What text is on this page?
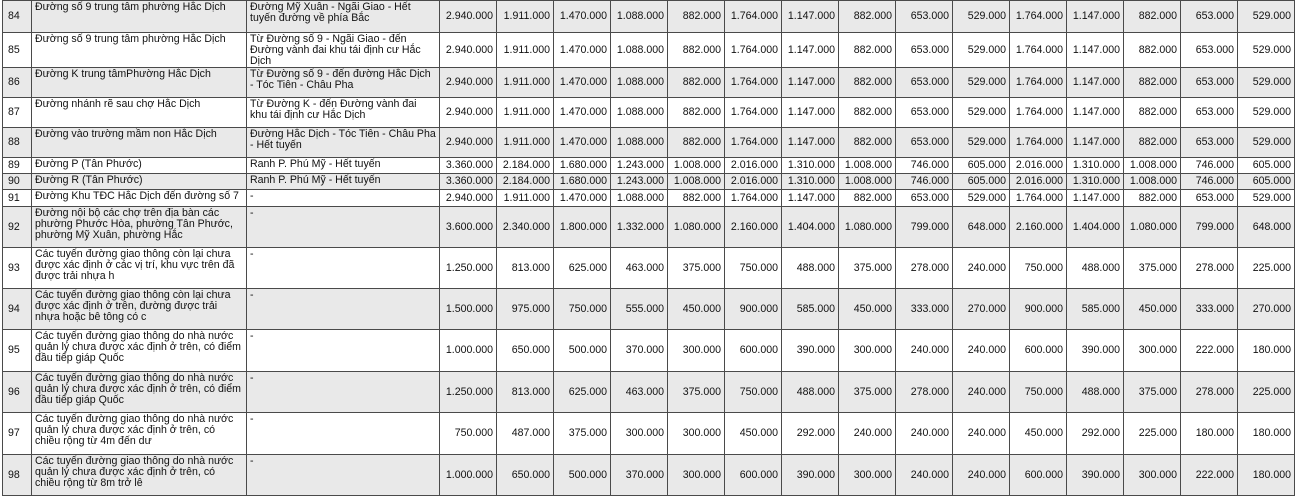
84	Đường số 9 trung tâm phường Hắc Dịch	Đường Mỹ Xuân - Ngãi Giao - Hết tuyến đường về phía Bắc	2.940.000	1.911.000	1.470.000	1.088.000	882.000	1.764.000	1.147.000	882.000	653.000	529.000	1.764.000	1.147.000	882.000	653.000	529.000
85	Đường số 9 trung tâm phường Hắc Dịch	Từ Đường số 9 - Ngãi Giao - đến Đường vành đai khu tái định cư Hắc Dịch	2.940.000	1.911.000	1.470.000	1.088.000	882.000	1.764.000	1.147.000	882.000	653.000	529.000	1.764.000	1.147.000	882.000	653.000	529.000
86	Đường K trung tâmPhường Hắc Dịch	Từ Đường số 9 - đến đường Hắc Dịch - Tóc Tiên - Châu Pha	2.940.000	1.911.000	1.470.000	1.088.000	882.000	1.764.000	1.147.000	882.000	653.000	529.000	1.764.000	1.147.000	882.000	653.000	529.000
87	Đường nhánh rẽ sau chợ Hắc Dịch	Từ Đường K - đến Đường vành đai khu tái định cư Hắc Dịch	2.940.000	1.911.000	1.470.000	1.088.000	882.000	1.764.000	1.147.000	882.000	653.000	529.000	1.764.000	1.147.000	882.000	653.000	529.000
88	Đường vào trường mầm non Hắc Dịch	Đường Hắc Dịch - Tóc Tiên - Châu Pha - Hết tuyến	2.940.000	1.911.000	1.470.000	1.088.000	882.000	1.764.000	1.147.000	882.000	653.000	529.000	1.764.000	1.147.000	882.000	653.000	529.000
89	Đường P (Tân Phước)	Ranh P. Phú Mỹ - Hết tuyến	3.360.000	2.184.000	1.680.000	1.243.000	1.008.000	2.016.000	1.310.000	1.008.000	746.000	605.000	2.016.000	1.310.000	1.008.000	746.000	605.000
90	Đường R (Tân Phước)	Ranh P. Phú Mỹ - Hết tuyến	3.360.000	2.184.000	1.680.000	1.243.000	1.008.000	2.016.000	1.310.000	1.008.000	746.000	605.000	2.016.000	1.310.000	1.008.000	746.000	605.000
91	Đường Khu TĐC Hắc Dịch đến đường số 7	-	2.940.000	1.911.000	1.470.000	1.088.000	882.000	1.764.000	1.147.000	882.000	653.000	529.000	1.764.000	1.147.000	882.000	653.000	529.000
92	Đường nội bộ các chợ trên địa bàn các phường Phước Hòa, phường Tân Phước, phường Mỹ Xuân, phường Hắc	-	3.600.000	2.340.000	1.800.000	1.332.000	1.080.000	2.160.000	1.404.000	1.080.000	799.000	648.000	2.160.000	1.404.000	1.080.000	799.000	648.000
93	Các tuyến đường giao thông còn lại chưa được xác định ở các vị trí, khu vực trên đã được trải nhựa h	-	1.250.000	813.000	625.000	463.000	375.000	750.000	488.000	375.000	278.000	240.000	750.000	488.000	375.000	278.000	225.000
94	Các tuyến đường giao thông còn lại chưa được xác định ở trên, đường được trải nhựa hoặc bê tông có c	-	1.500.000	975.000	750.000	555.000	450.000	900.000	585.000	450.000	333.000	270.000	900.000	585.000	450.000	333.000	270.000
95	Các tuyến đường giao thông do nhà nước quản lý chưa được xác định ở trên, có điểm đầu tiếp giáp Quốc	-	1.000.000	650.000	500.000	370.000	300.000	600.000	390.000	300.000	240.000	240.000	600.000	390.000	300.000	222.000	180.000
96	Các tuyến đường giao thông do nhà nước quản lý chưa được xác định ở trên, có điểm đầu tiếp giáp Quốc	-	1.250.000	813.000	625.000	463.000	375.000	750.000	488.000	375.000	278.000	240.000	750.000	488.000	375.000	278.000	225.000
97	Các tuyến đường giao thông do nhà nước quản lý chưa được xác định ở trên, có chiều rộng từ 4m đến dư	-	750.000	487.000	375.000	300.000	300.000	450.000	292.000	240.000	240.000	240.000	450.000	292.000	225.000	180.000	180.000
98	Các tuyến đường giao thông do nhà nước quản lý chưa được xác định ở trên, có chiều rộng từ 8m trở lê	-	1.000.000	650.000	500.000	370.000	300.000	600.000	390.000	300.000	240.000	240.000	600.000	390.000	300.000	222.000	180.000
